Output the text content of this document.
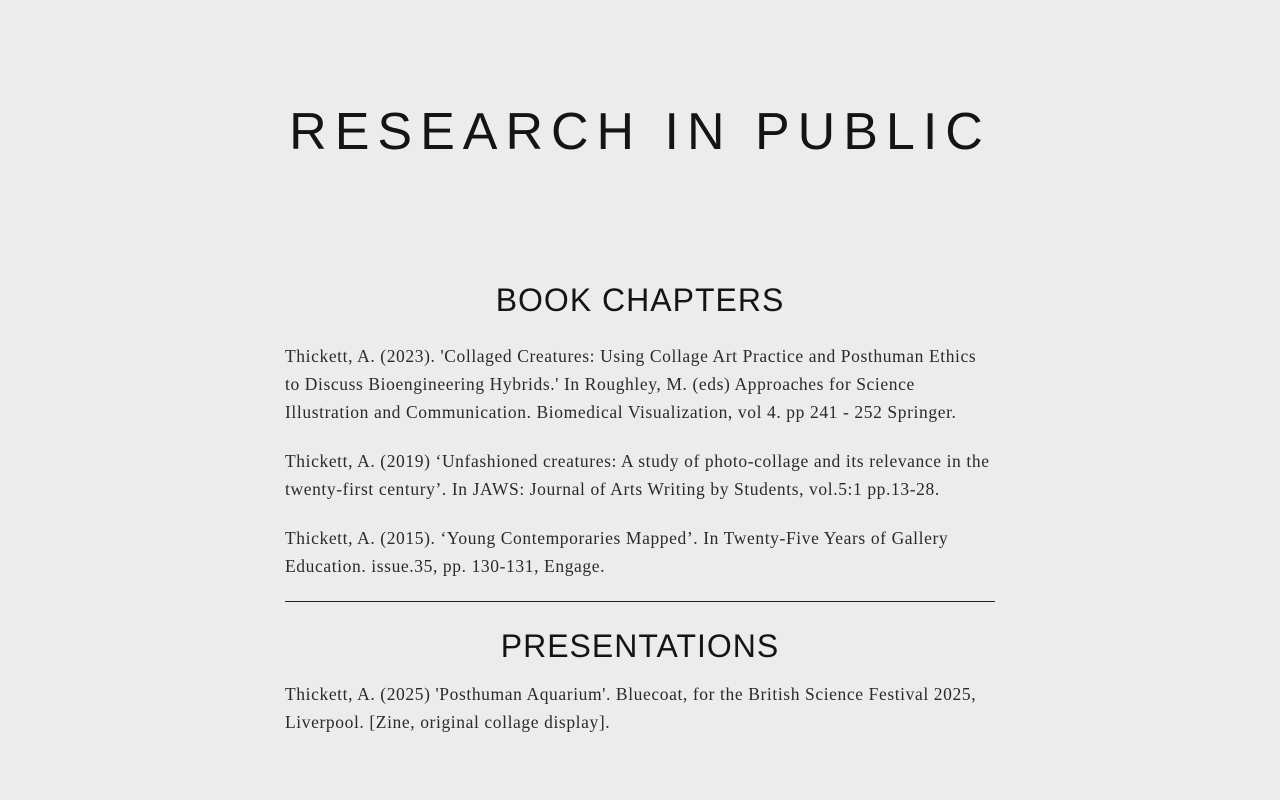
RESEARCH IN PUBLIC
BOOK CHAPTERS
Thickett, A. (2023). 'Collaged Creatures: Using Collage Art Practice and Posthuman Ethics to Discuss Bioengineering Hybrids.' In Roughley, M. (eds) Approaches for Science Illustration and Communication. Biomedical Visualization, vol 4. pp 241 - 252 Springer.
Thickett, A. (2019) ‘Unfashioned creatures: A study of photo-collage and its relevance in the twenty-first century’. In JAWS: Journal of Arts Writing by Students, vol.5:1 pp.13-28.
Thickett, A. (2015). ‘Young Contemporaries Mapped’. In Twenty-Five Years of Gallery Education. issue.35, pp. 130-131, Engage.
PRESENTATIONS
Thickett, A. (2025) 'Posthuman Aquarium'. Bluecoat, for the British Science Festival 2025, Liverpool. [Zine, original collage display].
